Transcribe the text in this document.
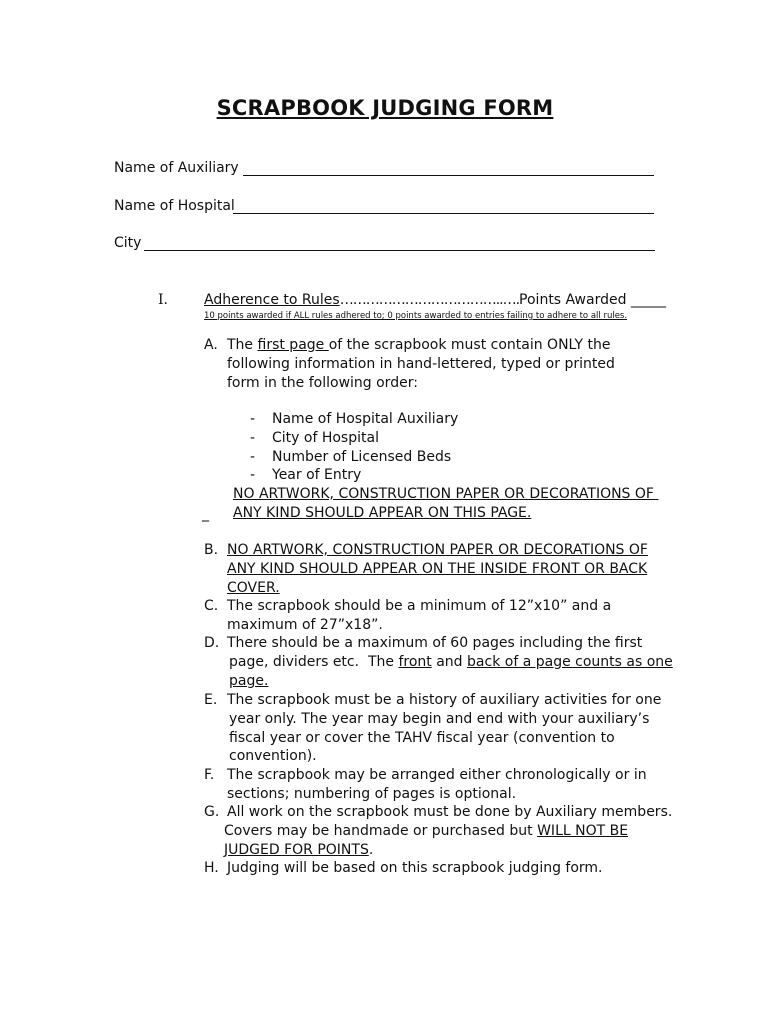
SCRAPBOOK JUDGING FORM
Name of Auxiliary
Name of Hospital
City
I.	Adherence to Rules………………………………..….Points Awarded _____
10 points awarded if ALL rules adhered to; 0 points awarded to entries failing to adhere to all rules.
A. The first page of the scrapbook must contain ONLY the
following information in hand-lettered, typed or printed
form in the following order:
- Name of Hospital Auxiliary
- City of Hospital
- Number of Licensed Beds
- Year of Entry
NO ARTWORK, CONSTRUCTION PAPER OR DECORATIONS OF
_ ANY KIND SHOULD APPEAR ON THIS PAGE.
B. NO ARTWORK, CONSTRUCTION PAPER OR DECORATIONS OF
ANY KIND SHOULD APPEAR ON THE INSIDE FRONT OR BACK
COVER.
C. The scrapbook should be a minimum of 12”x10” and a
maximum of 27”x18”.
D. There should be a maximum of 60 pages including the first
page, dividers etc.  The front and back of a page counts as one
page.
E. The scrapbook must be a history of auxiliary activities for one
year only. The year may begin and end with your auxiliary’s
fiscal year or cover the TAHV fiscal year (convention to
convention).
F. The scrapbook may be arranged either chronologically or in
sections; numbering of pages is optional.
G. All work on the scrapbook must be done by Auxiliary members.
Covers may be handmade or purchased but WILL NOT BE
JUDGED FOR POINTS.
H. Judging will be based on this scrapbook judging form.
